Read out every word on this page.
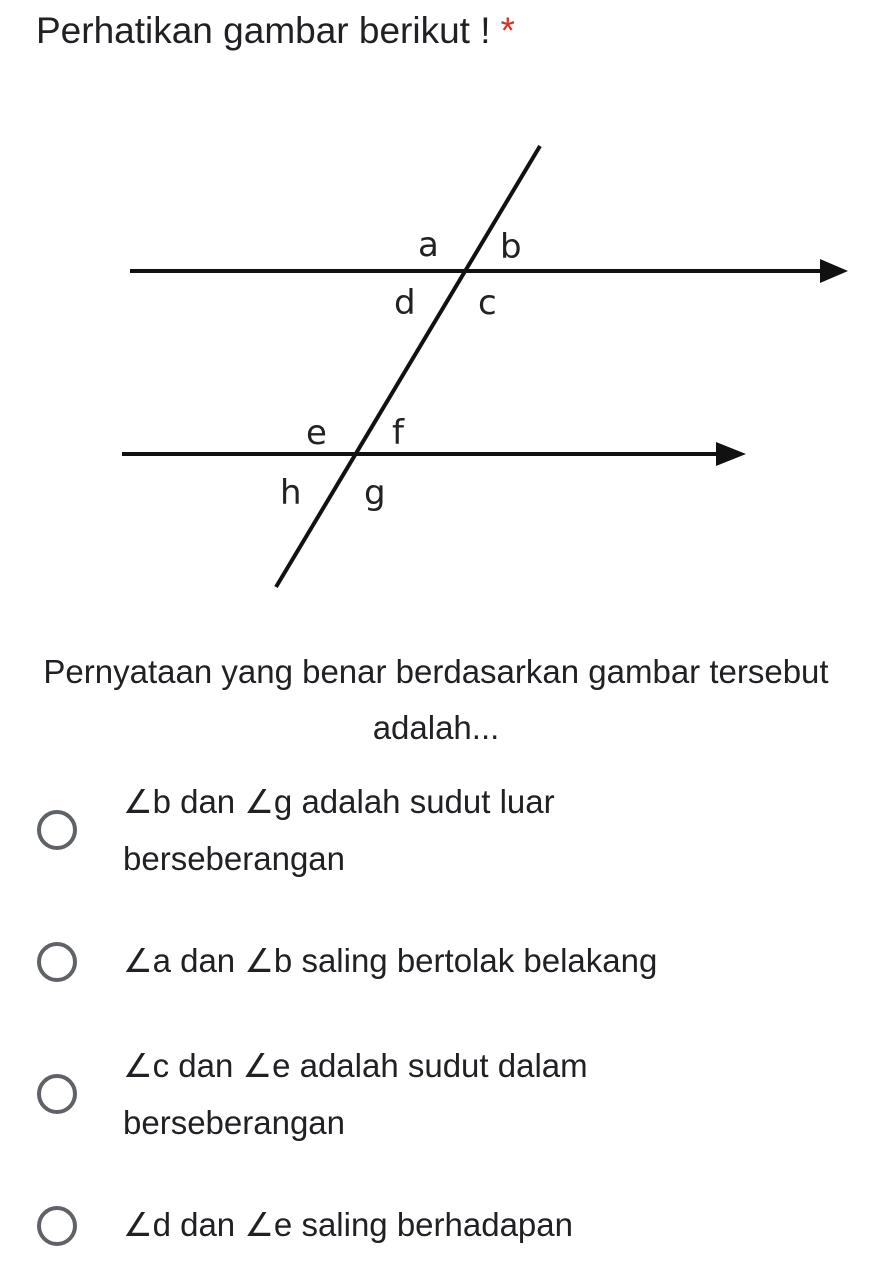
Perhatikan gambar berikut ! *
a b
d c
e f
h g
Pernyataan yang benar berdasarkan gambar tersebut adalah...
∠b dan ∠g adalah sudut luar
berseberangan
∠a dan ∠b saling bertolak belakang
∠c dan ∠e adalah sudut dalam
berseberangan
∠d dan ∠e saling berhadapan
